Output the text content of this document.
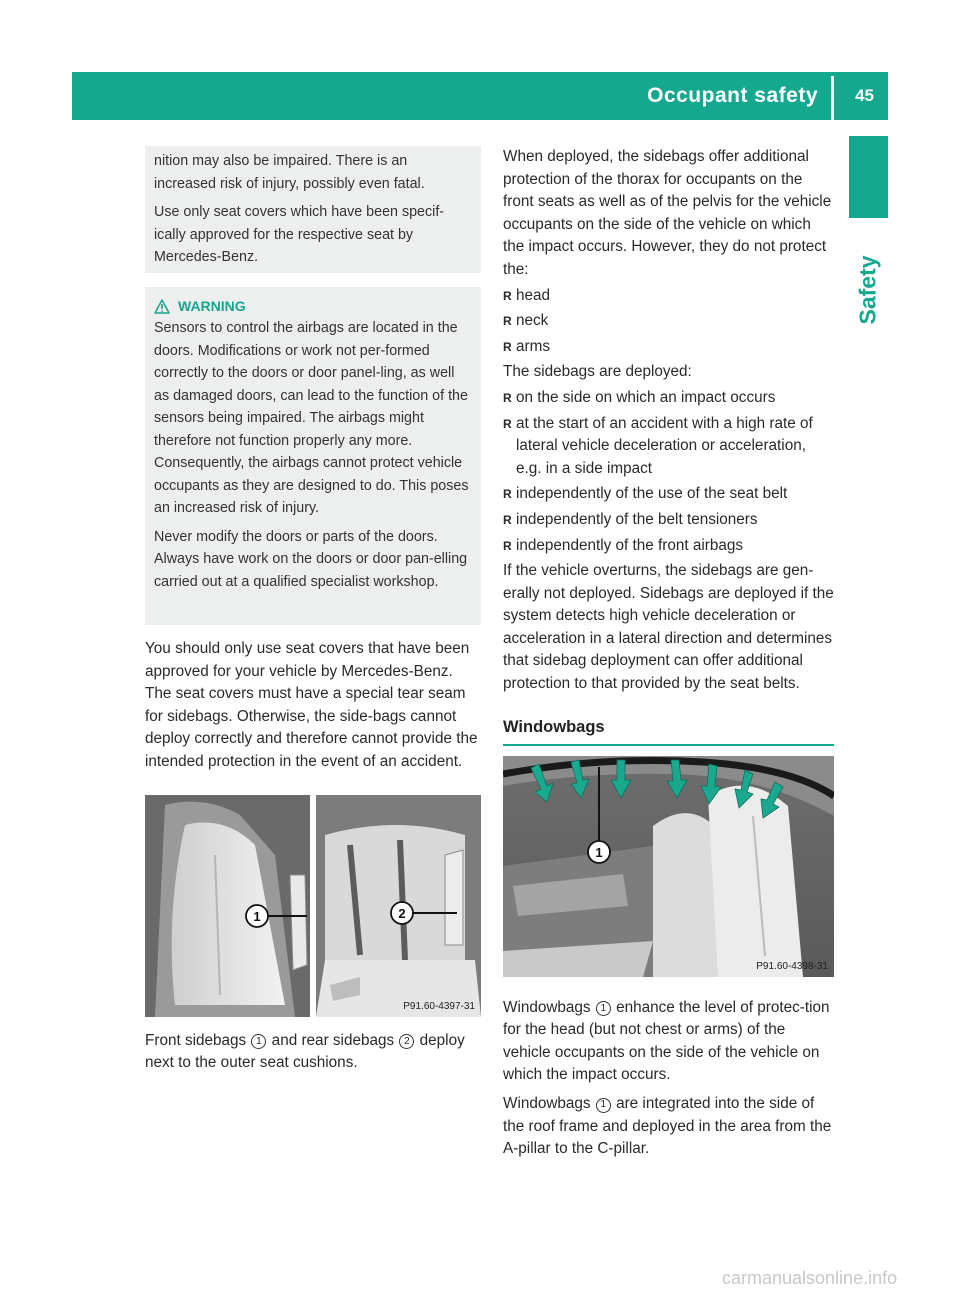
Occupant safety 45
Safety

nition may also be impaired. There is an increased risk of injury, possibly even fatal.

Use only seat covers which have been specif-ically approved for the respective seat by Mercedes-Benz.

WARNING

Sensors to control the airbags are located in the doors. Modifications or work not per-formed correctly to the doors or door panel-ling, as well as damaged doors, can lead to the function of the sensors being impaired. The airbags might therefore not function properly any more. Consequently, the airbags cannot protect vehicle occupants as they are designed to do. This poses an increased risk of injury.

Never modify the doors or parts of the doors. Always have work on the doors or door pan-elling carried out at a qualified specialist workshop.

You should only use seat covers that have been approved for your vehicle by Mercedes-Benz. The seat covers must have a special tear seam for sidebags. Otherwise, the side-bags cannot deploy correctly and therefore cannot provide the intended protection in the event of an accident.

1	2
P91.60-4397-31

Front sidebags 1 and rear sidebags 2 deploy next to the outer seat cushions.

When deployed, the sidebags offer additional protection of the thorax for occupants on the front seats as well as of the pelvis for the vehicle occupants on the side of the vehicle on which the impact occurs. However, they do not protect the:

R head
R neck
R arms

The sidebags are deployed:

R on the side on which an impact occurs
R at the start of an accident with a high rate of lateral vehicle deceleration or acceleration, e.g. in a side impact
R independently of the use of the seat belt
R independently of the belt tensioners
R independently of the front airbags

If the vehicle overturns, the sidebags are gen-erally not deployed. Sidebags are deployed if the system detects high vehicle deceleration or acceleration in a lateral direction and determines that sidebag deployment can offer additional protection to that provided by the seat belts.

Windowbags
1
P91.60-4398-31

Windowbags 1 enhance the level of protec-tion for the head (but not chest or arms) of the vehicle occupants on the side of the vehicle on which the impact occurs.

Windowbags 1 are integrated into the side of the roof frame and deployed in the area from the A-pillar to the C-pillar.

carmanualsonline.info
